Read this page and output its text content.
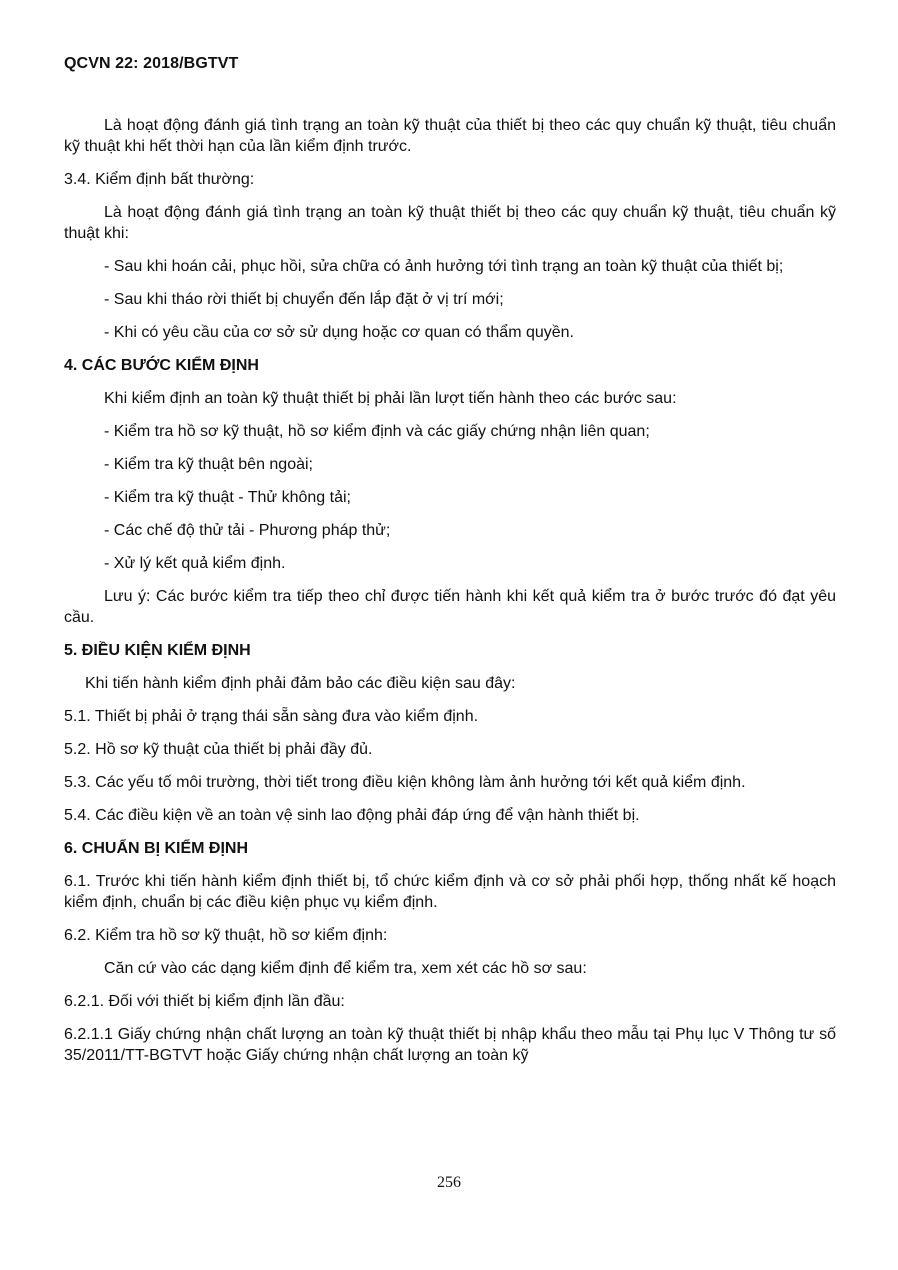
QCVN 22: 2018/BGTVT

Là hoạt động đánh giá tình trạng an toàn kỹ thuật của thiết bị theo các quy chuẩn kỹ thuật, tiêu chuẩn kỹ thuật khi hết thời hạn của lần kiểm định trước.

3.4. Kiểm định bất thường:

Là hoạt động đánh giá tình trạng an toàn kỹ thuật thiết bị theo các quy chuẩn kỹ thuật, tiêu chuẩn kỹ thuật khi:

- Sau khi hoán cải, phục hồi, sửa chữa có ảnh hưởng tới tình trạng an toàn kỹ thuật của thiết bị;

- Sau khi tháo rời thiết bị chuyển đến lắp đặt ở vị trí mới;

- Khi có yêu cầu của cơ sở sử dụng hoặc cơ quan có thẩm quyền.

4. CÁC BƯỚC KIỂM ĐỊNH

Khi kiểm định an toàn kỹ thuật thiết bị phải lần lượt tiến hành theo các bước sau:

- Kiểm tra hồ sơ kỹ thuật, hồ sơ kiểm định và các giấy chứng nhận liên quan;

- Kiểm tra kỹ thuật bên ngoài;

- Kiểm tra kỹ thuật - Thử không tải;

- Các chế độ thử tải - Phương pháp thử;

- Xử lý kết quả kiểm định.

Lưu ý: Các bước kiểm tra tiếp theo chỉ được tiến hành khi kết quả kiểm tra ở bước trước đó đạt yêu cầu.

5. ĐIỀU KIỆN KIỂM ĐỊNH

Khi tiến hành kiểm định phải đảm bảo các điều kiện sau đây:

5.1. Thiết bị phải ở trạng thái sẵn sàng đưa vào kiểm định.

5.2. Hồ sơ kỹ thuật của thiết bị phải đầy đủ.

5.3. Các yếu tố môi trường, thời tiết trong điều kiện không làm ảnh hưởng tới kết quả kiểm định.

5.4. Các điều kiện về an toàn vệ sinh lao động phải đáp ứng để vận hành thiết bị.

6. CHUẨN BỊ KIỂM ĐỊNH

6.1. Trước khi tiến hành kiểm định thiết bị, tổ chức kiểm định và cơ sở phải phối hợp, thống nhất kế hoạch kiểm định, chuẩn bị các điều kiện phục vụ kiểm định.

6.2. Kiểm tra hồ sơ kỹ thuật, hồ sơ kiểm định:

Căn cứ vào các dạng kiểm định để kiểm tra, xem xét các hồ sơ sau:

6.2.1. Đối với thiết bị kiểm định lần đầu:

6.2.1.1 Giấy chứng nhận chất lượng an toàn kỹ thuật thiết bị nhập khẩu theo mẫu tại Phụ lục V Thông tư số 35/2011/TT-BGTVT hoặc Giấy chứng nhận chất lượng an toàn kỹ

256
